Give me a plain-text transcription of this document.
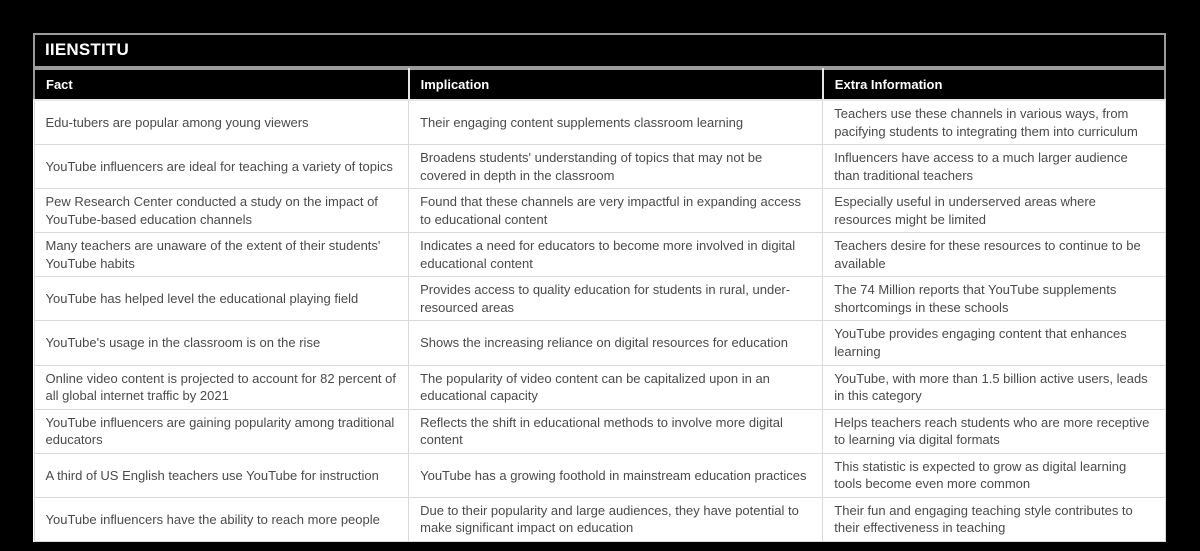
IIENSTITU
Fact	Implication	Extra Information
Edu-tubers are popular among young viewers	Their engaging content supplements classroom learning	Teachers use these channels in various ways, from pacifying students to integrating them into curriculum
YouTube influencers are ideal for teaching a variety of topics	Broadens students' understanding of topics that may not be covered in depth in the classroom	Influencers have access to a much larger audience than traditional teachers
Pew Research Center conducted a study on the impact of YouTube-based education channels	Found that these channels are very impactful in expanding access to educational content	Especially useful in underserved areas where resources might be limited
Many teachers are unaware of the extent of their students' YouTube habits	Indicates a need for educators to become more involved in digital educational content	Teachers desire for these resources to continue to be available
YouTube has helped level the educational playing field	Provides access to quality education for students in rural, under-resourced areas	The 74 Million reports that YouTube supplements shortcomings in these schools
YouTube's usage in the classroom is on the rise	Shows the increasing reliance on digital resources for education	YouTube provides engaging content that enhances learning
Online video content is projected to account for 82 percent of all global internet traffic by 2021	The popularity of video content can be capitalized upon in an educational capacity	YouTube, with more than 1.5 billion active users, leads in this category
YouTube influencers are gaining popularity among traditional educators	Reflects the shift in educational methods to involve more digital content	Helps teachers reach students who are more receptive to learning via digital formats
A third of US English teachers use YouTube for instruction	YouTube has a growing foothold in mainstream education practices	This statistic is expected to grow as digital learning tools become even more common
YouTube influencers have the ability to reach more people	Due to their popularity and large audiences, they have potential to make significant impact on education	Their fun and engaging teaching style contributes to their effectiveness in teaching
